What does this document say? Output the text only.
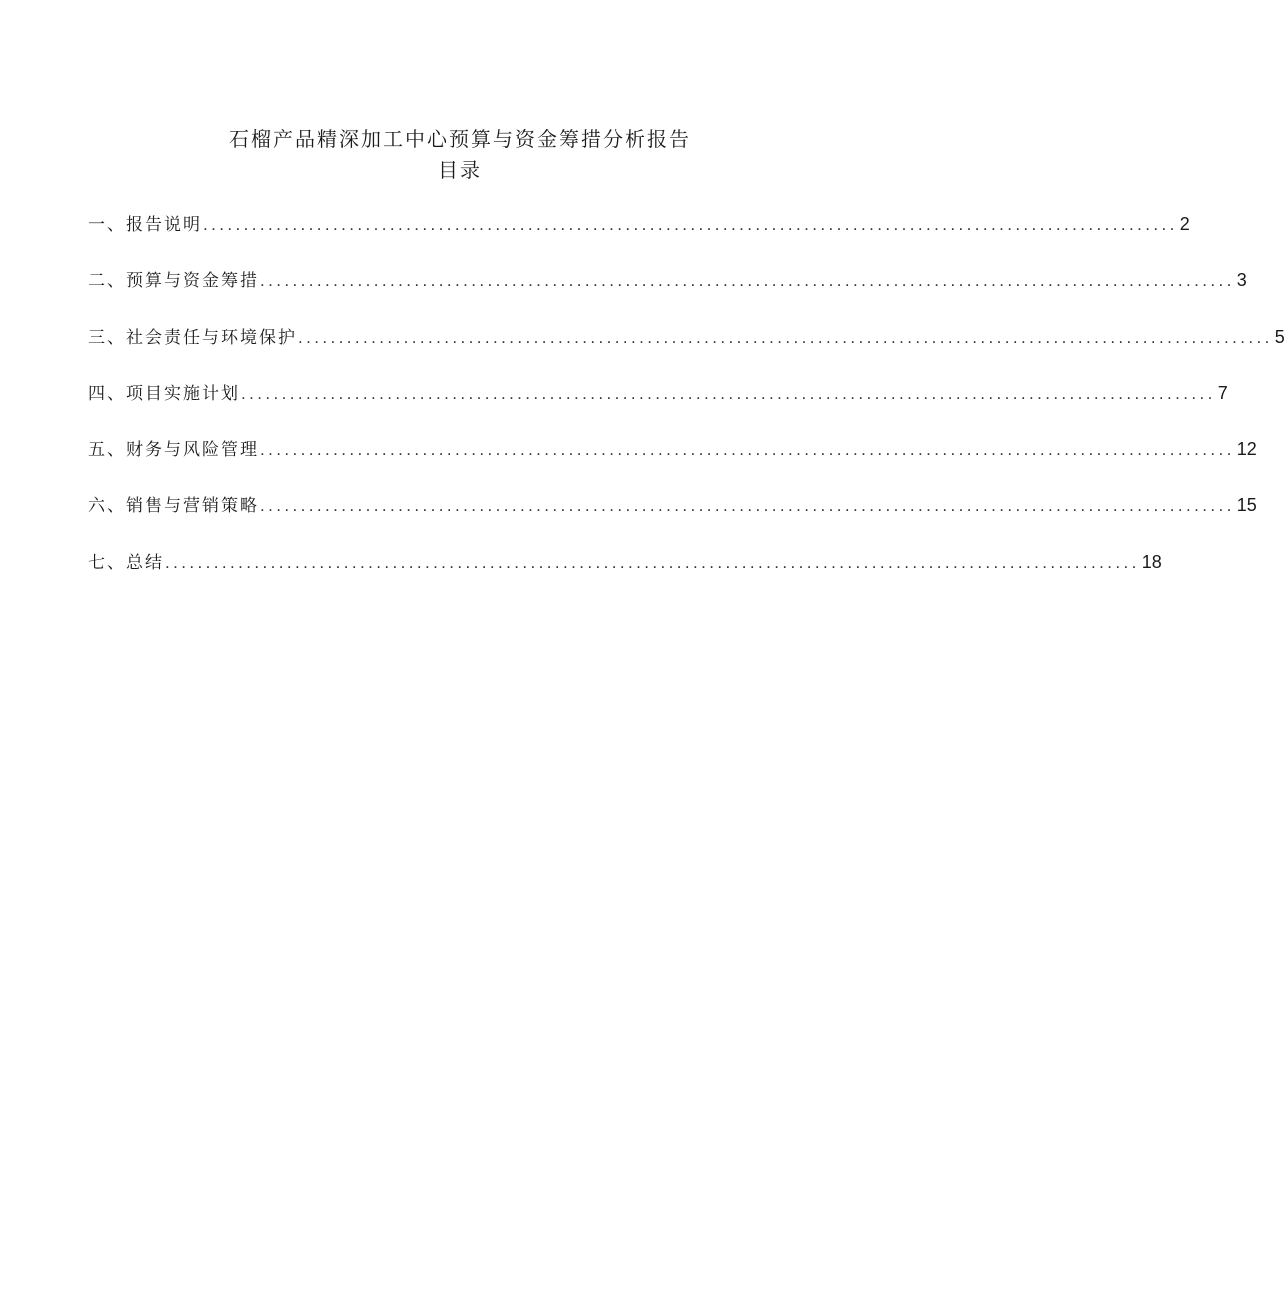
石榴产品精深加工中心预算与资金筹措分析报告
目录
一、报告说明 ........................................................................................................................ 2
二、预算与资金筹措 ........................................................................................................................ 3
三、社会责任与环境保护 ........................................................................................................................ 5
四、项目实施计划 ........................................................................................................................ 7
五、财务与风险管理 ........................................................................................................................ 12
六、销售与营销策略 ........................................................................................................................ 15
七、总结 ........................................................................................................................ 18
